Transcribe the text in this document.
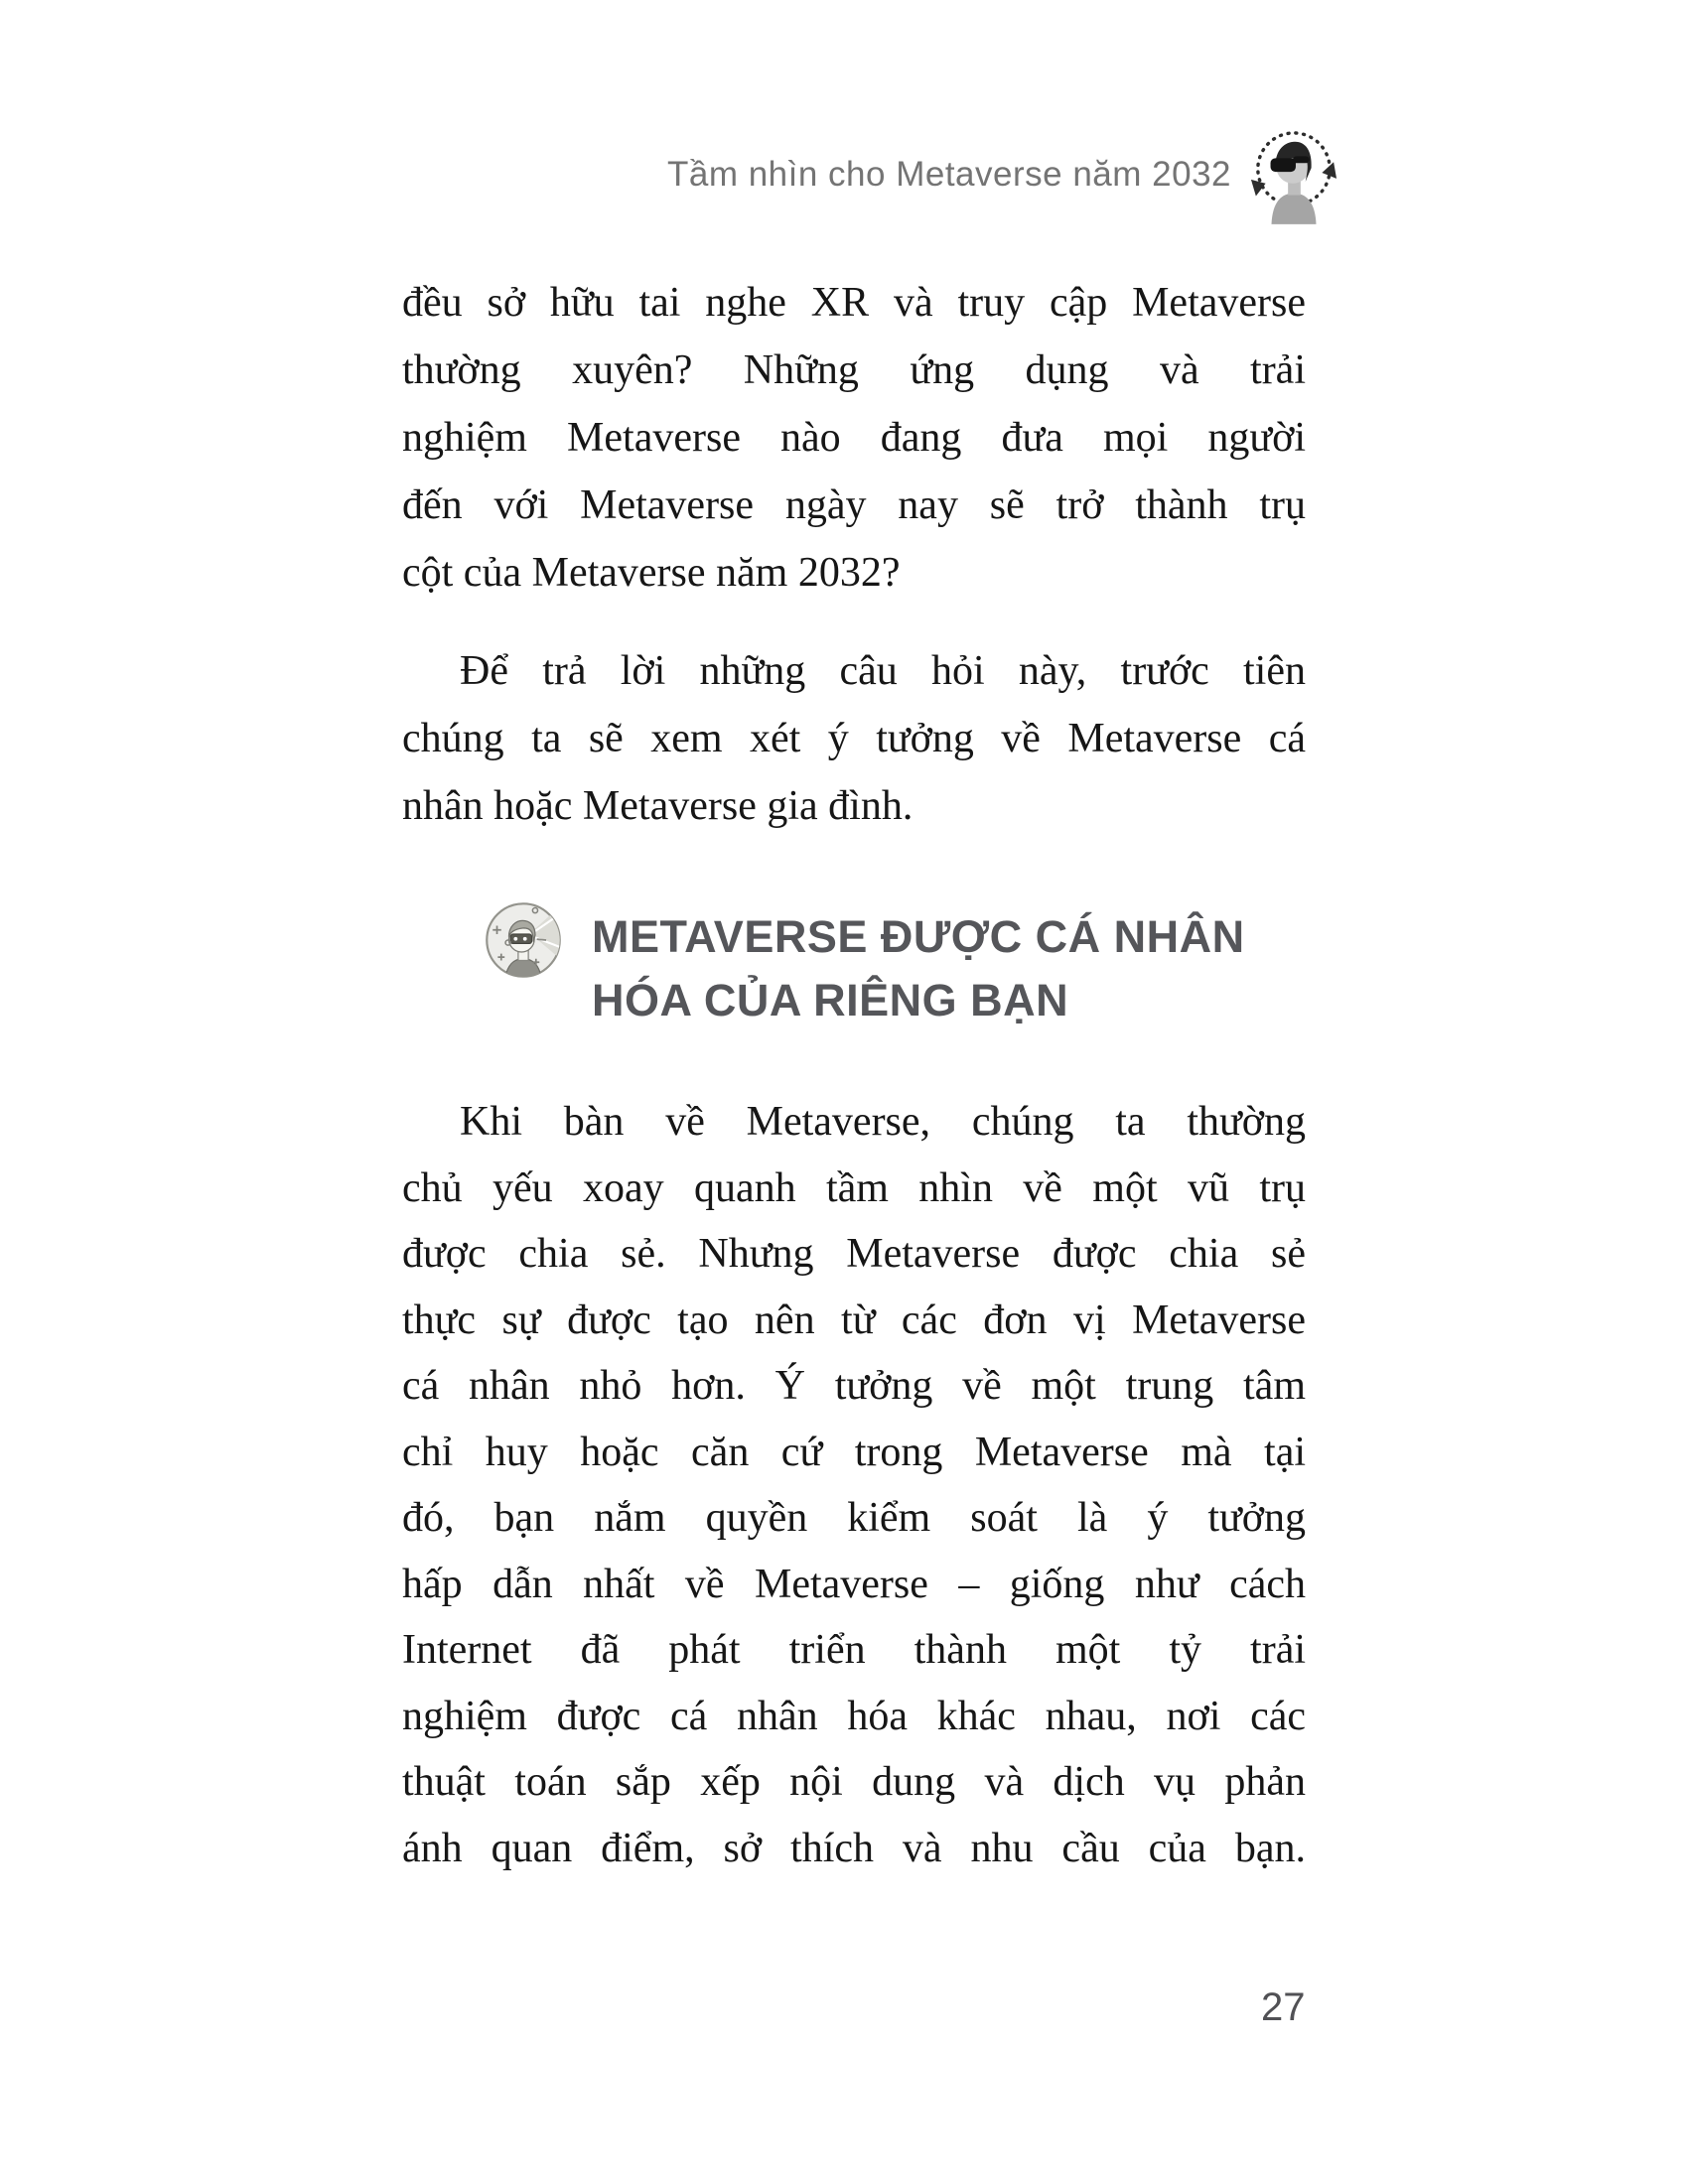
Tầm nhìn cho Metaverse năm 2032
đều sở hữu tai nghe XR và truy cập Metaverse
thường xuyên? Những ứng dụng và trải
nghiệm Metaverse nào đang đưa mọi người
đến với Metaverse ngày nay sẽ trở thành trụ
cột của Metaverse năm 2032?
Để trả lời những câu hỏi này, trước tiên
chúng ta sẽ xem xét ý tưởng về Metaverse cá
nhân hoặc Metaverse gia đình.
METAVERSE ĐƯỢC CÁ NHÂN
HÓA CỦA RIÊNG BẠN
Khi bàn về Metaverse, chúng ta thường
chủ yếu xoay quanh tầm nhìn về một vũ trụ
được chia sẻ. Nhưng Metaverse được chia sẻ
thực sự được tạo nên từ các đơn vị Metaverse
cá nhân nhỏ hơn. Ý tưởng về một trung tâm
chỉ huy hoặc căn cứ trong Metaverse mà tại
đó, bạn nắm quyền kiểm soát là ý tưởng
hấp dẫn nhất về Metaverse – giống như cách
Internet đã phát triển thành một tỷ trải
nghiệm được cá nhân hóa khác nhau, nơi các
thuật toán sắp xếp nội dung và dịch vụ phản
ánh quan điểm, sở thích và nhu cầu của bạn.
27
